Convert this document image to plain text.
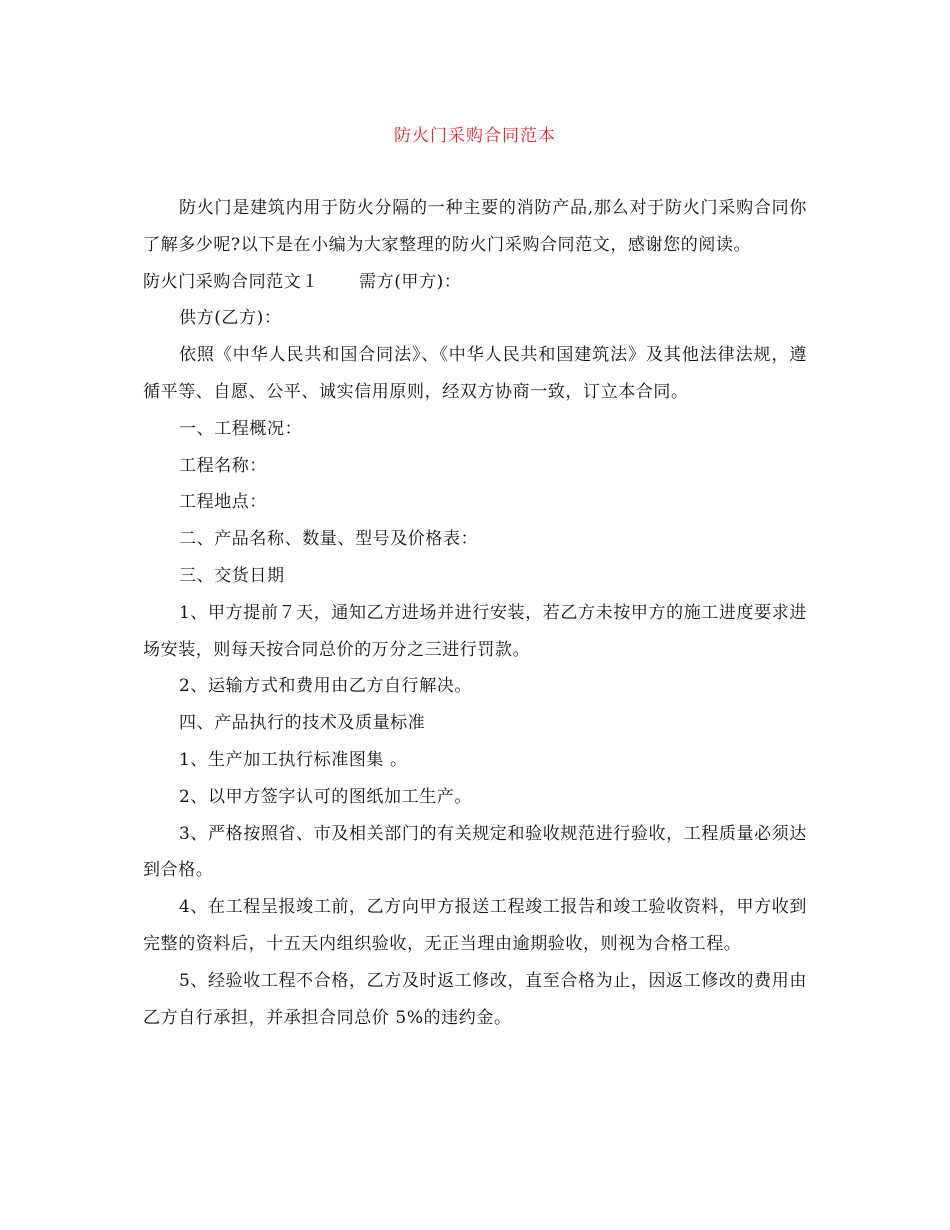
防火门采购合同范本

防火门是建筑内用于防火分隔的一种主要的消防产品,那么对于防火门采购合同你了解多少呢?以下是在小编为大家整理的防火门采购合同范文，感谢您的阅读。

防火门采购合同范文１ 需方(甲方)：

供方(乙方)：

依照《中华人民共和国合同法》、《中华人民共和国建筑法》及其他法律法规，遵循平等、自愿、公平、诚实信用原则，经双方协商一致，订立本合同。

一、工程概况：

工程名称：

工程地点：

二、产品名称、数量、型号及价格表：

三、交货日期

1、甲方提前７天，通知乙方进场并进行安装，若乙方未按甲方的施工进度要求进场安装，则每天按合同总价的万分之三进行罚款。

2、运输方式和费用由乙方自行解决。

四、产品执行的技术及质量标准

1、生产加工执行标准图集 。

2、以甲方签字认可的图纸加工生产。

3、严格按照省、市及相关部门的有关规定和验收规范进行验收，工程质量必须达到合格。

4、在工程呈报竣工前，乙方向甲方报送工程竣工报告和竣工验收资料，甲方收到完整的资料后，十五天内组织验收，无正当理由逾期验收，则视为合格工程。

5、经验收工程不合格，乙方及时返工修改，直至合格为止，因返工修改的费用由乙方自行承担，并承担合同总价 5%的违约金。
